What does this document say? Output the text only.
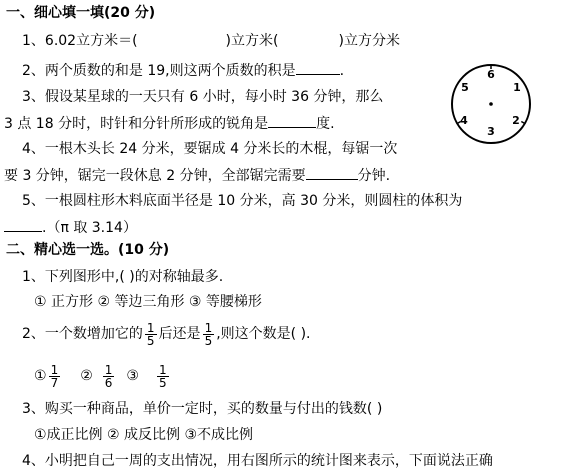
一、细心填一填(20 分)
1、6.02立方米＝(	)立方米(	)立方分米
2、两个质数的和是 19,则这两个质数的积是	.
3、假设某星球的一天只有 6 小时，每小时 36 分钟，那么
3 点 18 分时，时针和分针所形成的锐角是	度.
4、一根木头长 24 分米，要锯成 4 分米长的木棍，每锯一次
要 3 分钟，锯完一段休息 2 分钟，全部锯完需要	分钟.
5、一根圆柱形木料底面半径是 10 分米，高 30 分米，则圆柱的体积为
.（π 取 3.14）
6
1
2
3
4
5
二、精心选一选。(10 分)
1、下列图形中,( )的对称轴最多.
① 正方形 ② 等边三角形 ③ 等腰梯形
2、一个数增加它的 $\frac{1}{5}$ 后还是 $\frac{1}{5}$ ,则这个数是( ).
① $\frac{1}{7}$ ② $\frac{1}{6}$ ③ $\frac{1}{5}$
3、购买一种商品，单价一定时，买的数量与付出的钱数( )
①成正比例 ② 成反比例 ③不成比例
4、小明把自己一周的支出情况，用右图所示的统计图来表示，下面说法正确
